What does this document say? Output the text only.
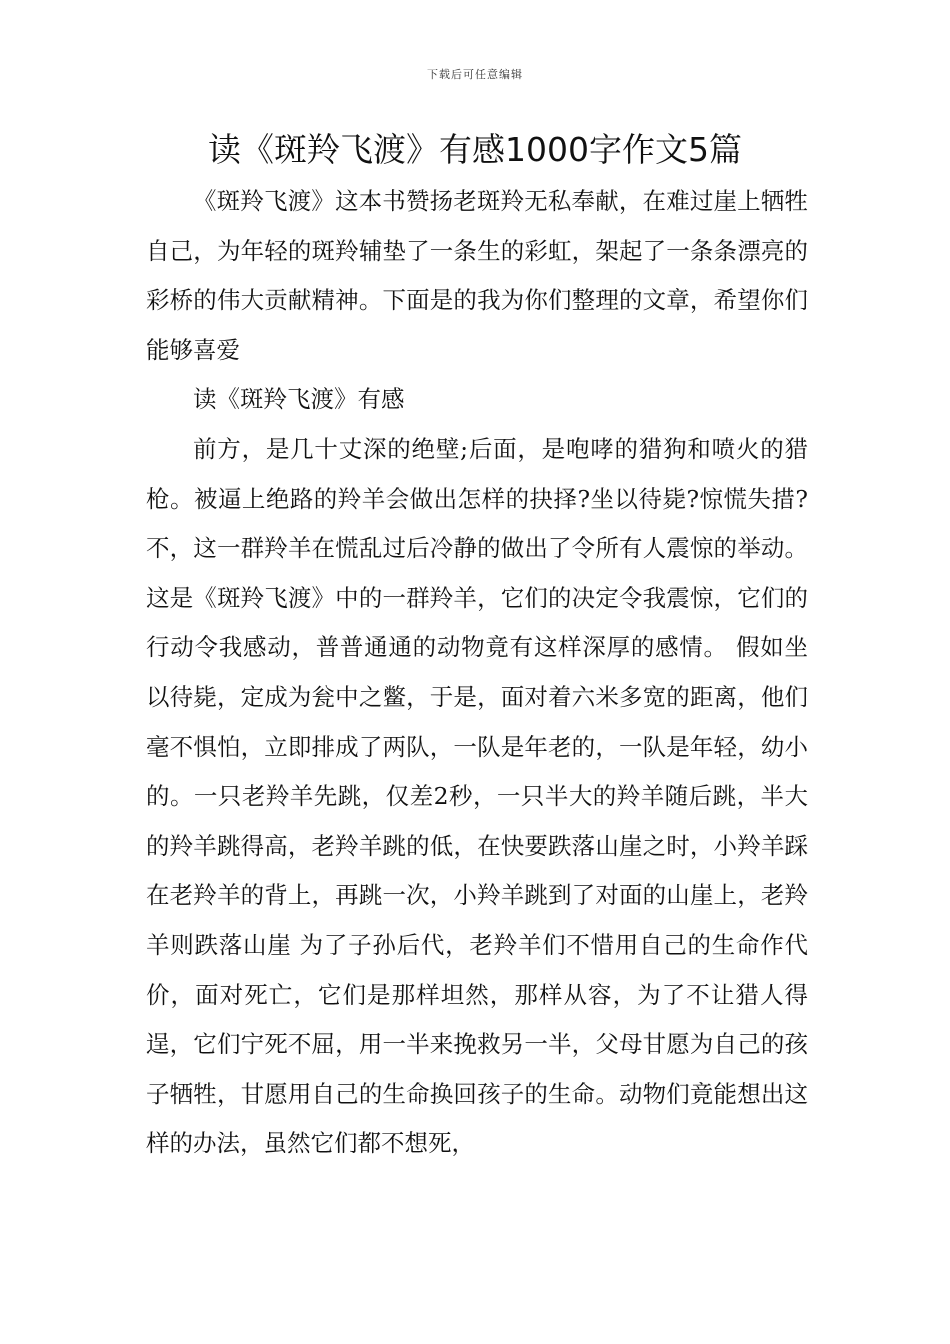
下载后可任意编辑
读《斑羚飞渡》有感1000字作文5篇

《斑羚飞渡》这本书赞扬老斑羚无私奉献，在难过崖上牺牲自己，为年轻的斑羚辅垫了一条生的彩虹，架起了一条条漂亮的彩桥的伟大贡献精神。下面是的我为你们整理的文章，希望你们能够喜爱

读《斑羚飞渡》有感

前方，是几十丈深的绝壁;后面，是咆哮的猎狗和喷火的猎枪。被逼上绝路的羚羊会做出怎样的抉择?坐以待毙?惊慌失措?不，这一群羚羊在慌乱过后冷静的做出了令所有人震惊的举动。这是《斑羚飞渡》中的一群羚羊，它们的决定令我震惊，它们的行动令我感动，普普通通的动物竟有这样深厚的感情。 假如坐以待毙，定成为瓮中之鳖，于是，面对着六米多宽的距离，他们毫不惧怕，立即排成了两队，一队是年老的，一队是年轻，幼小的。一只老羚羊先跳，仅差2秒，一只半大的羚羊随后跳，半大的羚羊跳得高，老羚羊跳的低，在快要跌落山崖之时，小羚羊踩在老羚羊的背上，再跳一次，小羚羊跳到了对面的山崖上，老羚羊则跌落山崖 为了子孙后代，老羚羊们不惜用自己的生命作代价，面对死亡，它们是那样坦然，那样从容，为了不让猎人得逞，它们宁死不屈，用一半来挽救另一半，父母甘愿为自己的孩子牺牲，甘愿用自己的生命换回孩子的生命。动物们竟能想出这样的办法，虽然它们都不想死，
